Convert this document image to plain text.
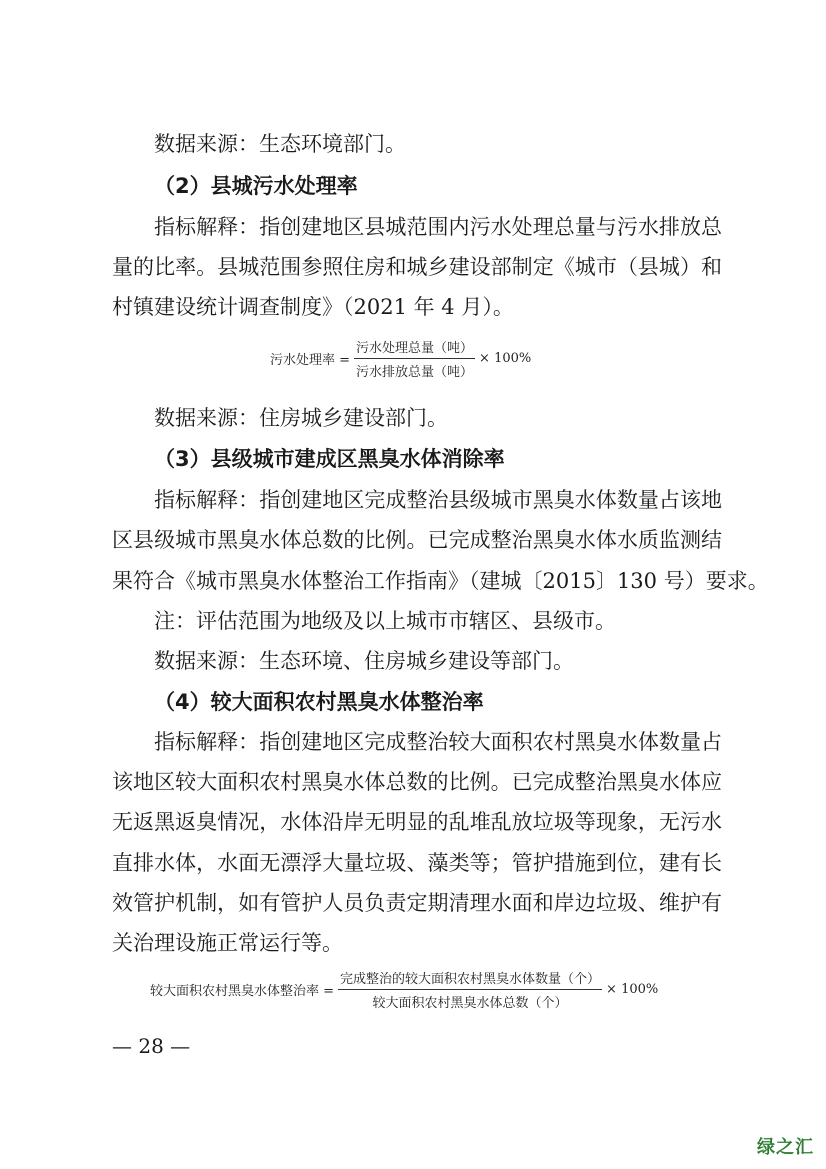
数据来源：生态环境部门。
（2）县城污水处理率
指标解释：指创建地区县城范围内污水处理总量与污水排放总
量的比率。县城范围参照住房和城乡建设部制定《城市（县城）和
村镇建设统计调查制度》（2021 年 4 月）。
污水处理率 = $\frac{\text{污水处理总量（吨）}}{\text{污水排放总量（吨）}} \times 100\%$
数据来源：住房城乡建设部门。
（3）县级城市建成区黑臭水体消除率
指标解释：指创建地区完成整治县级城市黑臭水体数量占该地
区县级城市黑臭水体总数的比例。已完成整治黑臭水体水质监测结
果符合《城市黑臭水体整治工作指南》（建城〔2015〕130 号）要求。
注：评估范围为地级及以上城市市辖区、县级市。
数据来源：生态环境、住房城乡建设等部门。
（4）较大面积农村黑臭水体整治率
指标解释：指创建地区完成整治较大面积农村黑臭水体数量占
该地区较大面积农村黑臭水体总数的比例。已完成整治黑臭水体应
无返黑返臭情况，水体沿岸无明显的乱堆乱放垃圾等现象，无污水
直排水体，水面无漂浮大量垃圾、藻类等；管护措施到位，建有长
效管护机制，如有管护人员负责定期清理水面和岸边垃圾、维护有
关治理设施正常运行等。
较大面积农村黑臭水体整治率 = $\frac{\text{完成整治的较大面积农村黑臭水体数量（个）}}{\text{较大面积农村黑臭水体总数（个）}} \times 100\%$
— 28 —
绿之汇
